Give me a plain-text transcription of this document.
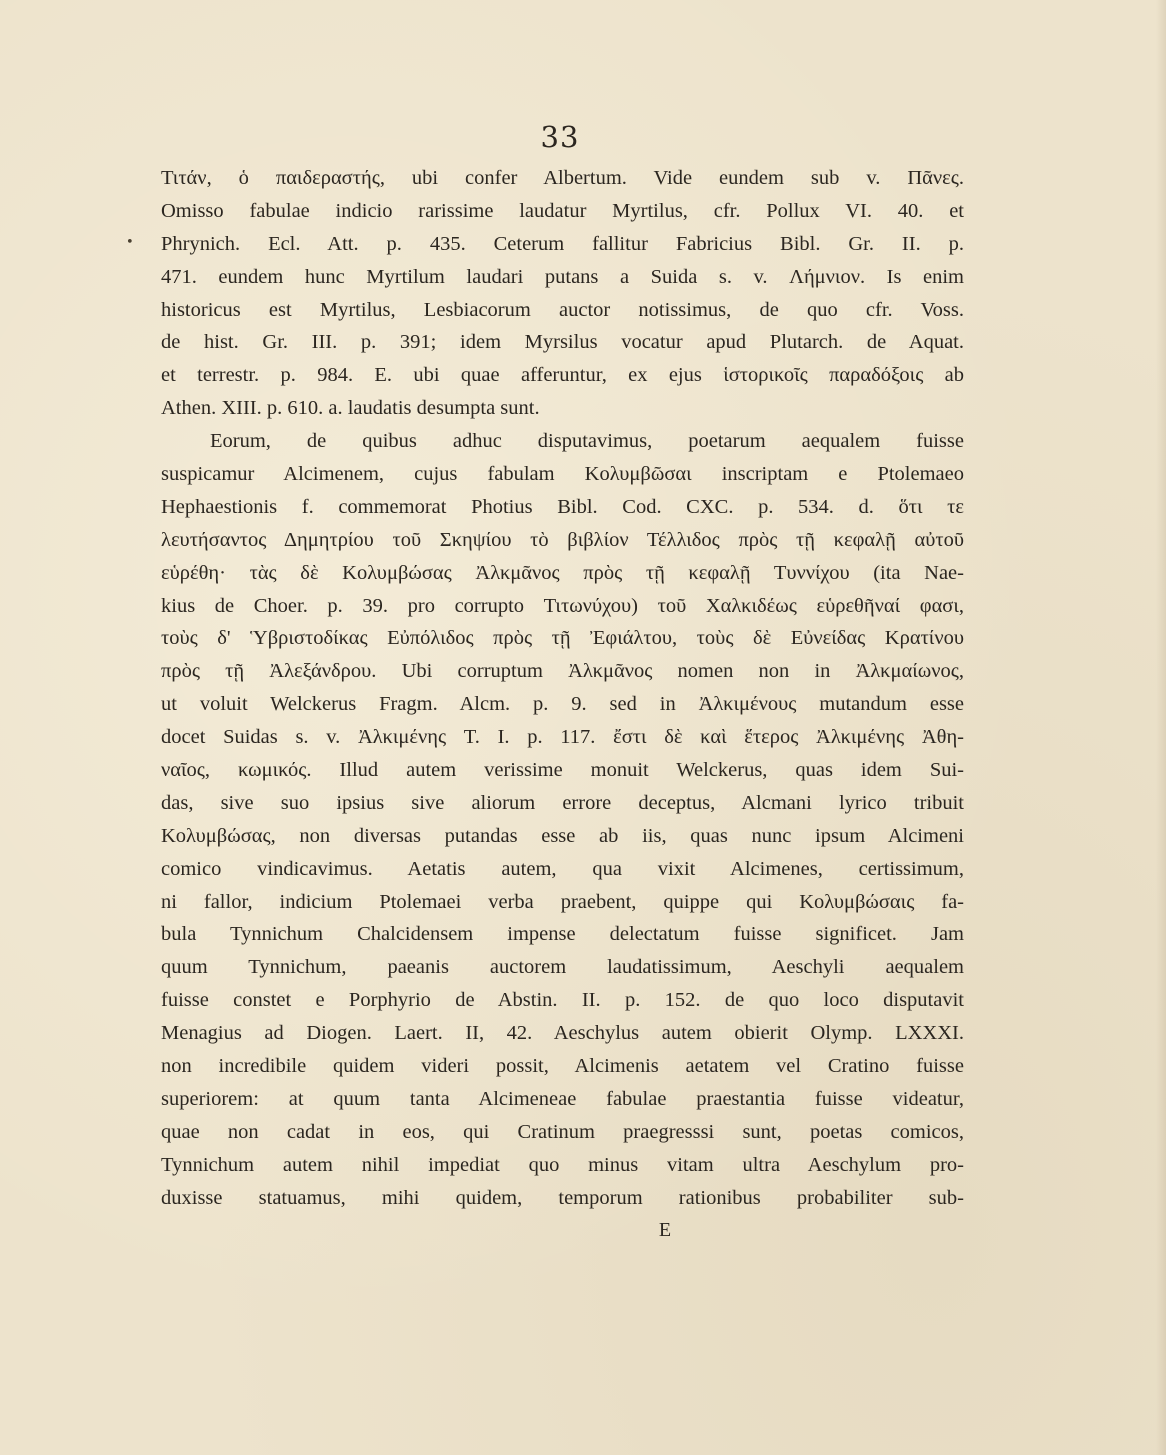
33
•
Τιτάν, ὁ παιδεραστής, ubi confer Albertum. Vide eundem sub v. Πᾶνες.
Omisso fabulae indicio rarissime laudatur Myrtilus, cfr. Pollux VI. 40. et
Phrynich. Ecl. Att. p. 435. Ceterum fallitur Fabricius Bibl. Gr. II. p.
471. eundem hunc Myrtilum laudari putans a Suida s. v. Λήμνιον. Is enim
historicus est Myrtilus, Lesbiacorum auctor notissimus, de quo cfr. Voss.
de hist. Gr. III. p. 391; idem Myrsilus vocatur apud Plutarch. de Aquat.
et terrestr. p. 984. E. ubi quae afferuntur, ex ejus ἱστορικοῖς παραδόξοις ab
Athen. XIII. p. 610. a. laudatis desumpta sunt.
Eorum, de quibus adhuc disputavimus, poetarum aequalem fuisse
suspicamur Alcimenem, cujus fabulam Κολυμβῶσαι inscriptam e Ptolemaeo
Hephaestionis f. commemorat Photius Bibl. Cod. CXC. p. 534. d. ὅτι τε
λευτήσαντος Δημητρίου τοῦ Σκηψίου τὸ βιβλίον Τέλλιδος πρὸς τῇ κεφαλῇ αὐτοῦ
εὑρέθη· τὰς δὲ Κολυμβώσας Ἀλκμᾶνος πρὸς τῇ κεφαλῇ Τυννίχου (ita Nae-
kius de Choer. p. 39. pro corrupto Τιτωνύχου) τοῦ Χαλκιδέως εὑρεθῆναί φασι,
τοὺς δ' Ὑβριστοδίκας Εὐπόλιδος πρὸς τῇ Ἐφιάλτου, τοὺς δὲ Εὐνείδας Κρατίνου
πρὸς τῇ Ἀλεξάνδρου. Ubi corruptum Ἀλκμᾶνος nomen non in Ἀλκμαίωνος,
ut voluit Welckerus Fragm. Alcm. p. 9. sed in Ἀλκιμένους mutandum esse
docet Suidas s. v. Ἀλκιμένης T. I. p. 117. ἔστι δὲ καὶ ἕτερος Ἀλκιμένης Ἀθη-
ναῖος, κωμικός. Illud autem verissime monuit Welckerus, quas idem Sui-
das, sive suo ipsius sive aliorum errore deceptus, Alcmani lyrico tribuit
Κολυμβώσας, non diversas putandas esse ab iis, quas nunc ipsum Alcimeni
comico vindicavimus. Aetatis autem, qua vixit Alcimenes, certissimum,
ni fallor, indicium Ptolemaei verba praebent, quippe qui Κολυμβώσαις fa-
bula Tynnichum Chalcidensem impense delectatum fuisse significet. Jam
quum Tynnichum, paeanis auctorem laudatissimum, Aeschyli aequalem
fuisse constet e Porphyrio de Abstin. II. p. 152. de quo loco disputavit
Menagius ad Diogen. Laert. II, 42. Aeschylus autem obierit Olymp. LXXXI.
non incredibile quidem videri possit, Alcimenis aetatem vel Cratino fuisse
superiorem: at quum tanta Alcimeneae fabulae praestantia fuisse videatur,
quae non cadat in eos, qui Cratinum praegresssi sunt, poetas comicos,
Tynnichum autem nihil impediat quo minus vitam ultra Aeschylum pro-
duxisse statuamus, mihi quidem, temporum rationibus probabiliter sub-
E
